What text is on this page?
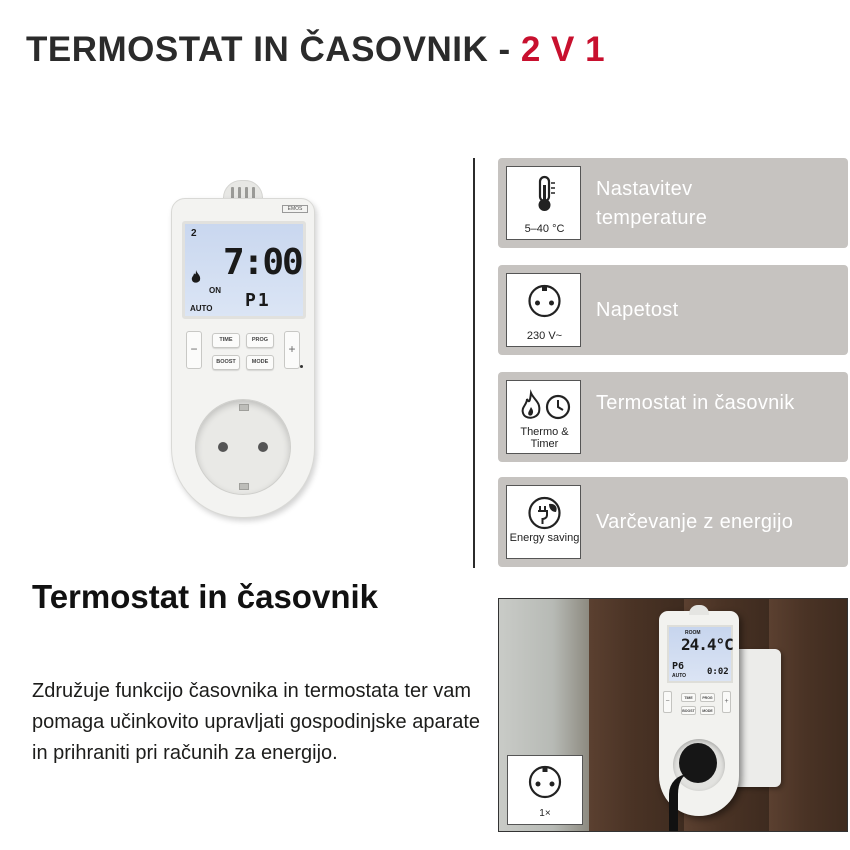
TERMOSTAT IN ČASOVNIK - 2 V 1
EMOS
2
7:00
ON P1
AUTO
−
TIME	PROG
BOOST	MODE
+
5–40 °C
Nastavitev temperature
230 V~
Napetost
Thermo & Timer
Termostat in časovnik
Energy saving
Varčevanje z energijo
Termostat in časovnik
Združuje funkcijo časovnika in termostata ter vam pomaga učinkovito upravljati gospodinjske aparate in prihraniti pri računih za energijo.
ROOM
24.4°C
P6
AUTO 0:02
−	TIME	PROG
BOOST	MODE
+
1×
